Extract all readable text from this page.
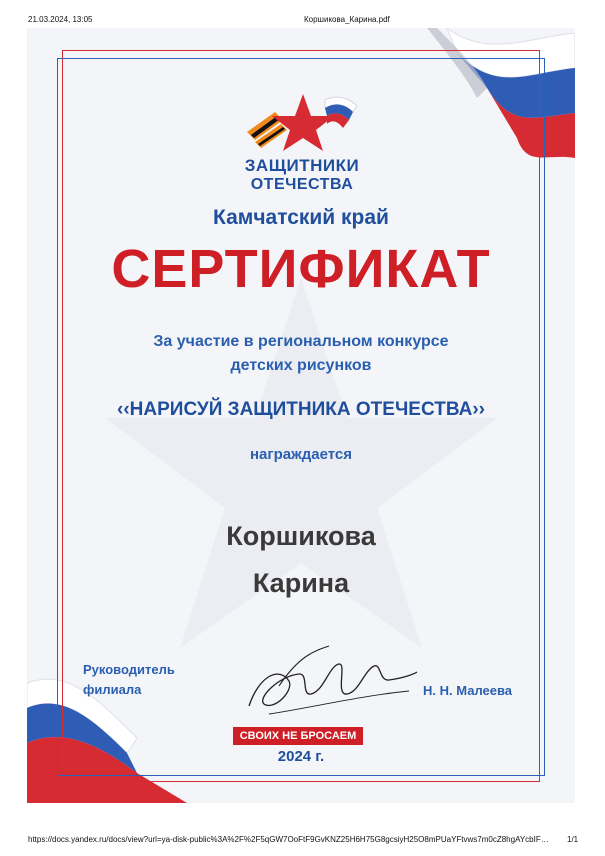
21.03.2024, 13:05	Коршикова_Карина.pdf
ЗАЩИТНИКИ
ОТЕЧЕСТВА
Камчатский край
СЕРТИФИКАТ
За участие в региональном конкурсе
детских рисунков
‹‹НАРИСУЙ ЗАЩИТНИКА ОТЕЧЕСТВА››
награждается
Коршикова
Карина
Руководитель
филиала	Н. Н. Малеева
СВОИХ НЕ БРОСАЕМ
2024 г.
https://docs.yandex.ru/docs/view?url=ya-disk-public%3A%2F%2F5qGW7OoFtF9GvKNZ25H6H75G8gcsiyH25O8mPUaYFtvws7m0cZ8hgAYcbIF…	1/1
